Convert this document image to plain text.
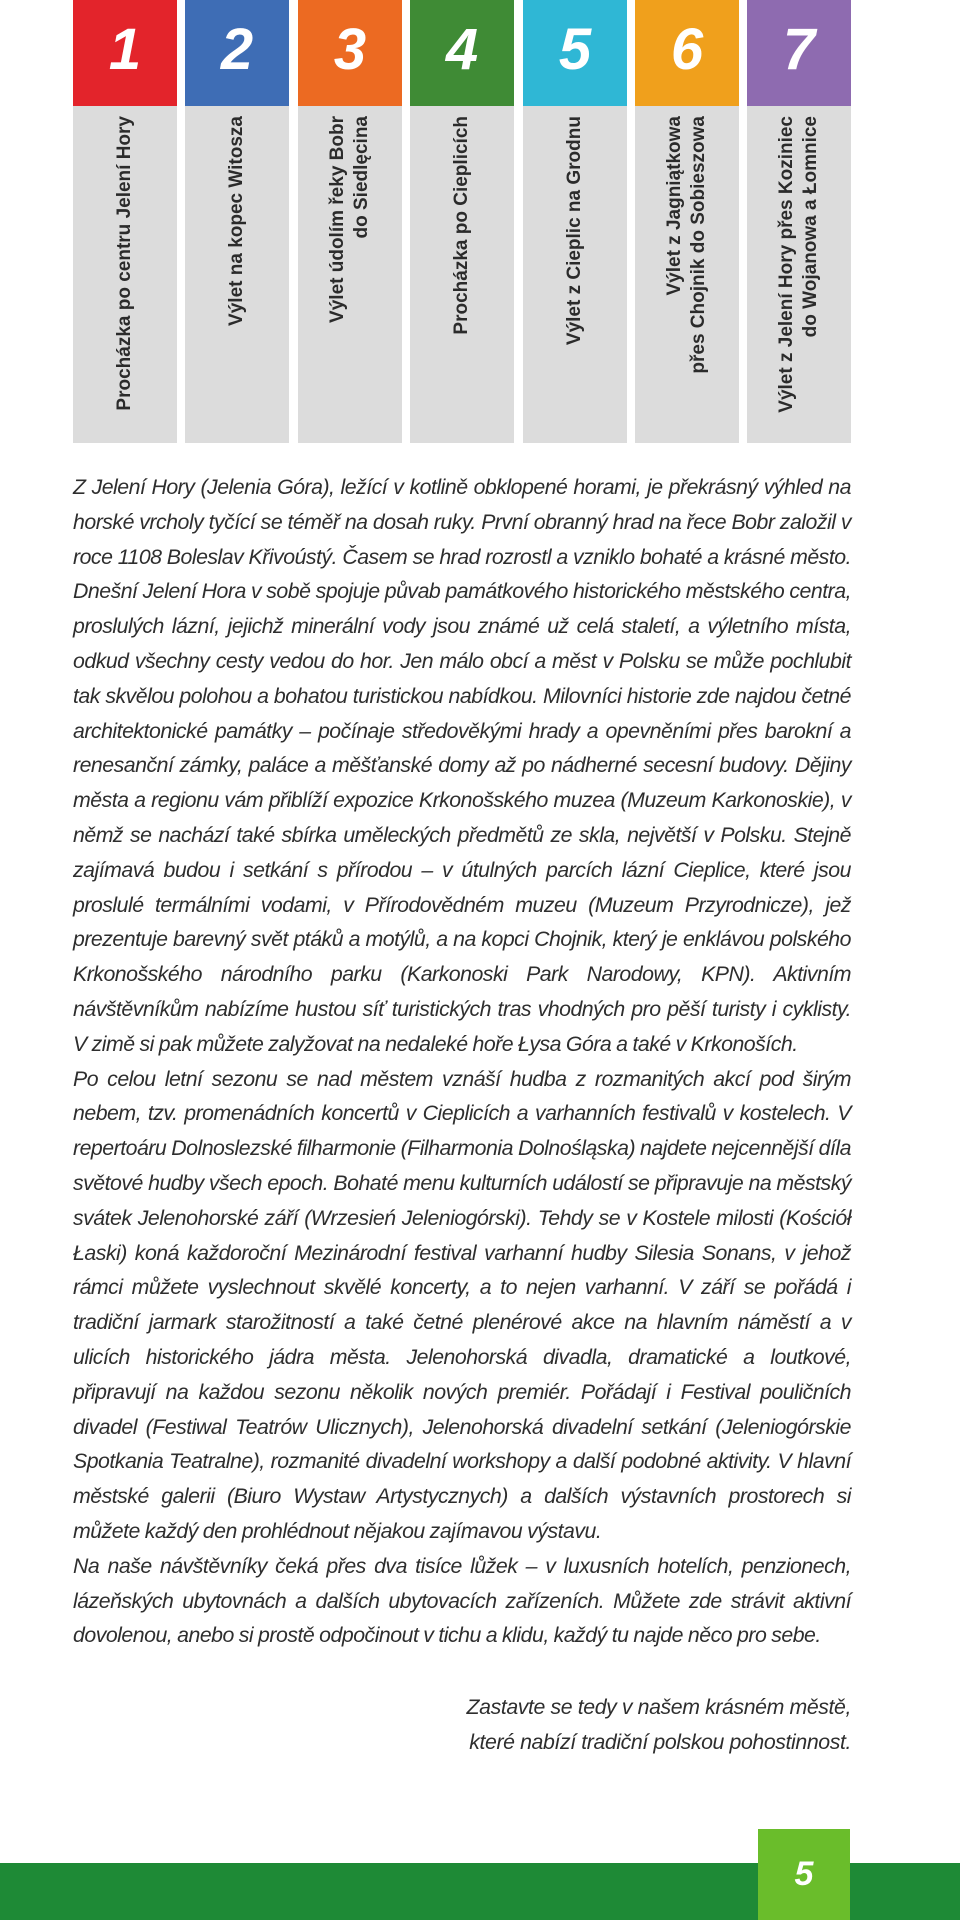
1
Procházka po centru Jelení Hory
2
Výlet na kopec Witosza
3
Výlet údolím řeky Bobr do Siedlęcina
4
Procházka po Cieplicích
5
Výlet z Cieplic na Grodnu
6
Výlet z Jagniątkowa přes Chojnik do Sobieszowa
7
Výlet z Jelení Hory přes Koziniec do Wojanowa a Łomnice

Z Jelení Hory (Jelenia Góra), ležící v kotlině obklopené horami, je překrásný výhled na horské vrcholy tyčící se téměř na dosah ruky. První obranný hrad na řece Bobr založil v roce 1108 Boleslav Křivoústý. Časem se hrad rozrostl a vzniklo bohaté a krásné město. Dnešní Jelení Hora v sobě spojuje půvab památkového historického městského centra, proslulých lázní, jejichž minerální vody jsou známé už celá staletí, a výletního místa, odkud všechny cesty vedou do hor. Jen málo obcí a měst v Polsku se může pochlubit tak skvělou polohou a bohatou turistickou nabídkou. Milovníci historie zde najdou četné architektonické památky – počínaje středověkými hrady a opevněními přes barokní a renesanční zámky, paláce a měšťanské domy až po nádherné secesní budovy. Dějiny města a regionu vám přiblíží expozice Krkonošského muzea (Muzeum Karkonoskie), v němž se nachází také sbírka uměleckých předmětů ze skla, největší v Polsku. Stejně zajímavá budou i setkání s přírodou – v útulných parcích lázní Cieplice, které jsou proslulé termálními vodami, v Přírodovědném muzeu (Muzeum Przyrodnicze), jež prezentuje barevný svět ptáků a motýlů, a na kopci Chojnik, který je enklávou polského Krkonošského národního parku (Karkonoski Park Narodowy, KPN). Aktivním návštěvníkům nabízíme hustou síť turistických tras vhodných pro pěší turisty i cyklisty. V zimě si pak můžete zalyžovat na nedaleké hoře Łysa Góra a také v Krkonoších.

Po celou letní sezonu se nad městem vznáší hudba z rozmanitých akcí pod širým nebem, tzv. promenádních koncertů v Cieplicích a varhanních festivalů v kostelech. V repertoáru Dolnoslezské filharmonie (Filharmonia Dolnośląska) najdete nejcennější díla světové hudby všech epoch. Bohaté menu kulturních událostí se připravuje na městský svátek Jelenohorské září (Wrzesień Jeleniogórski). Tehdy se v Kostele milosti (Kościół Łaski) koná každoroční Mezinárodní festival varhanní hudby Silesia Sonans, v jehož rámci můžete vyslechnout skvělé koncerty, a to nejen varhanní. V září se pořádá i tradiční jarmark starožitností a také četné plenérové akce na hlavním náměstí a v ulicích historického jádra města. Jelenohorská divadla, dramatické a loutkové, připravují na každou sezonu několik nových premiér. Pořádají i Festival pouličních divadel (Festiwal Teatrów Ulicznych), Jelenohorská divadelní setkání (Jeleniogórskie Spotkania Teatralne), rozmanité divadelní workshopy a další podobné aktivity. V hlavní městské galerii (Biuro Wystaw Artystycznych) a dalších výstavních prostorech si můžete každý den prohlédnout nějakou zajímavou výstavu.

Na naše návštěvníky čeká přes dva tisíce lůžek – v luxusních hotelích, penzionech, lázeňských ubytovnách a dalších ubytovacích zařízeních. Můžete zde strávit aktivní dovolenou, anebo si prostě odpočinout v tichu a klidu, každý tu najde něco pro sebe.

Zastavte se tedy v našem krásném městě,
které nabízí tradiční polskou pohostinnost.
5
